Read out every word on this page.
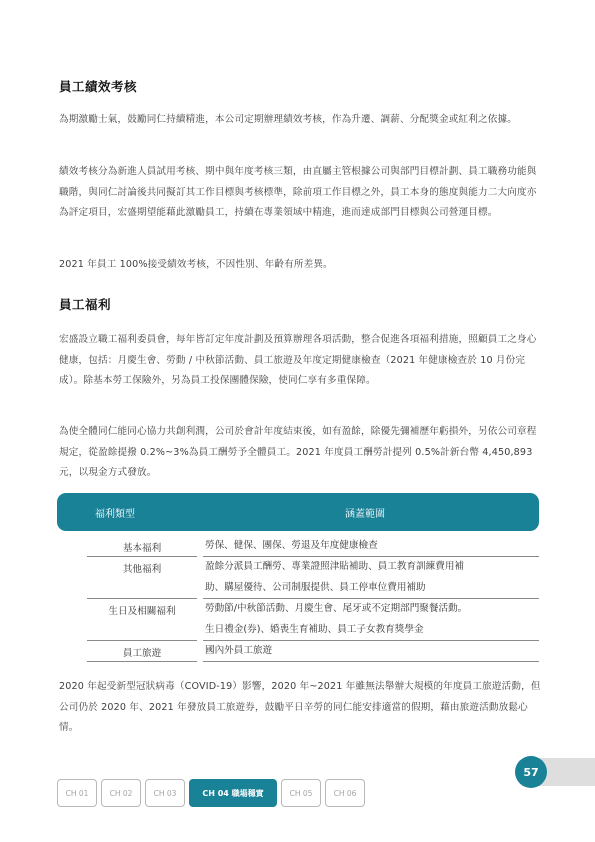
員工績效考核
為期激勵士氣，鼓勵同仁持續精進，本公司定期辦理績效考核，作為升遷、調薪、分配獎金或紅利之依據。
績效考核分為新進人員試用考核、期中與年度考核三類，由直屬主管根據公司與部門目標計劃、員工職務功能與職階，與同仁討論後共同擬訂其工作目標與考核標準，除前項工作目標之外，員工本身的態度與能力二大向度亦為評定項目，宏盛期望能藉此激勵員工，持續在專業領域中精進，進而達成部門目標與公司營運目標。
2021 年員工 100%接受績效考核，不因性別、年齡有所差異。
員工福利
宏盛設立職工福利委員會，每年皆訂定年度計劃及預算辦理各項活動，整合促進各項福利措施，照顧員工之身心健康，包括：月慶生會、勞動 / 中秋節活動、員工旅遊及年度定期健康檢查（2021 年健康檢查於 10 月份完成）。除基本勞工保險外，另為員工投保團體保險，使同仁享有多重保障。
為使全體同仁能同心協力共創利潤，公司於會計年度結束後，如有盈餘，除優先彌補歷年虧損外，另依公司章程規定，從盈餘提撥 0.2%~3%為員工酬勞予全體員工。2021 年度員工酬勞計提列 0.5%計新台幣 4,450,893 元，以現金方式發放。
福利類型	涵蓋範圍
基本福利	勞保、健保、團保、勞退及年度健康檢查
其他福利	盈餘分派員工酬勞、專業證照津貼補助、員工教育訓練費用補
助、購屋優待、公司制服提供、員工停車位費用補助
生日及相關福利	勞動節/中秋節活動、月慶生會、尾牙或不定期部門聚餐活動。
生日禮金(券)、婚喪生育補助、員工子女教育獎學金
員工旅遊	國內外員工旅遊
2020 年起受新型冠狀病毒（COVID-19）影響，2020 年~2021 年雖無法舉辦大規模的年度員工旅遊活動，但公司仍於 2020 年、2021 年發放員工旅遊券，鼓勵平日辛勞的同仁能安排適當的假期，藉由旅遊活動放鬆心情。
57
CH 01	CH 02	CH 03	CH 04 職場穩實	CH 05	CH 06
